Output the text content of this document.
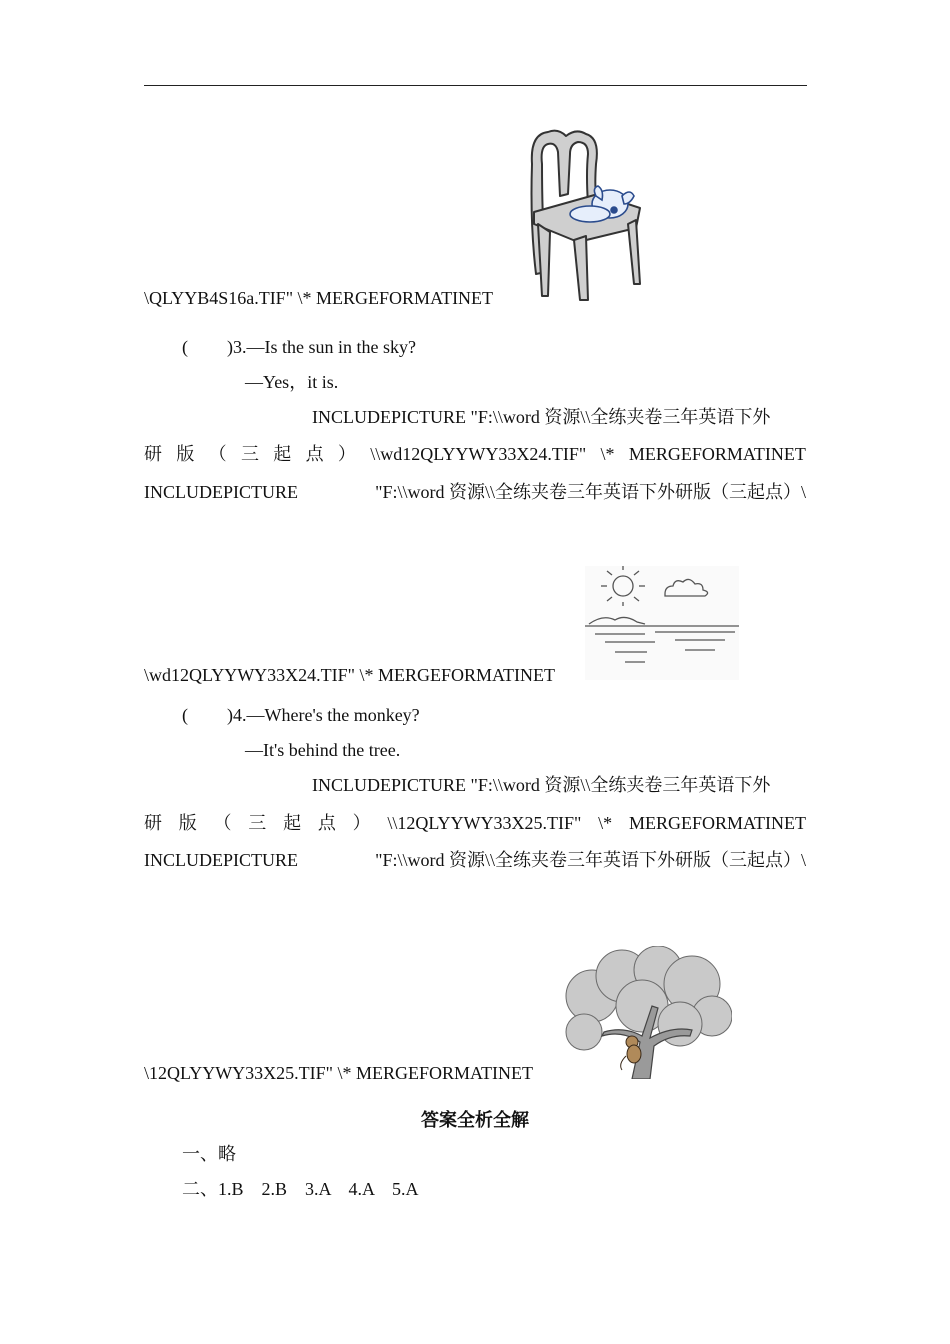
\QLYYB4S16a.TIF" \* MERGEFORMATINET
( )3.—Is the sun in the sky?
—Yes，it is.
INCLUDEPICTURE "F:\\word 资源\\全练夹卷三年英语下外
研 版 （ 三 起 点 ） \\wd12QLYYWY33X24.TIF" \* MERGEFORMATINET
INCLUDEPICTURE	"F:\\word 资源\\全练夹卷三年英语下外研版（三起点）\
\wd12QLYYWY33X24.TIF" \* MERGEFORMATINET
( )4.—Where's the monkey?
—It's behind the tree.
INCLUDEPICTURE "F:\\word 资源\\全练夹卷三年英语下外
研 版 （ 三 起 点 ） \\12QLYYWY33X25.TIF" \* MERGEFORMATINET
INCLUDEPICTURE	"F:\\word 资源\\全练夹卷三年英语下外研版（三起点）\
\12QLYYWY33X25.TIF" \* MERGEFORMATINET
答案全析全解
一、略
二、1.B　2.B　3.A　4.A　5.A
